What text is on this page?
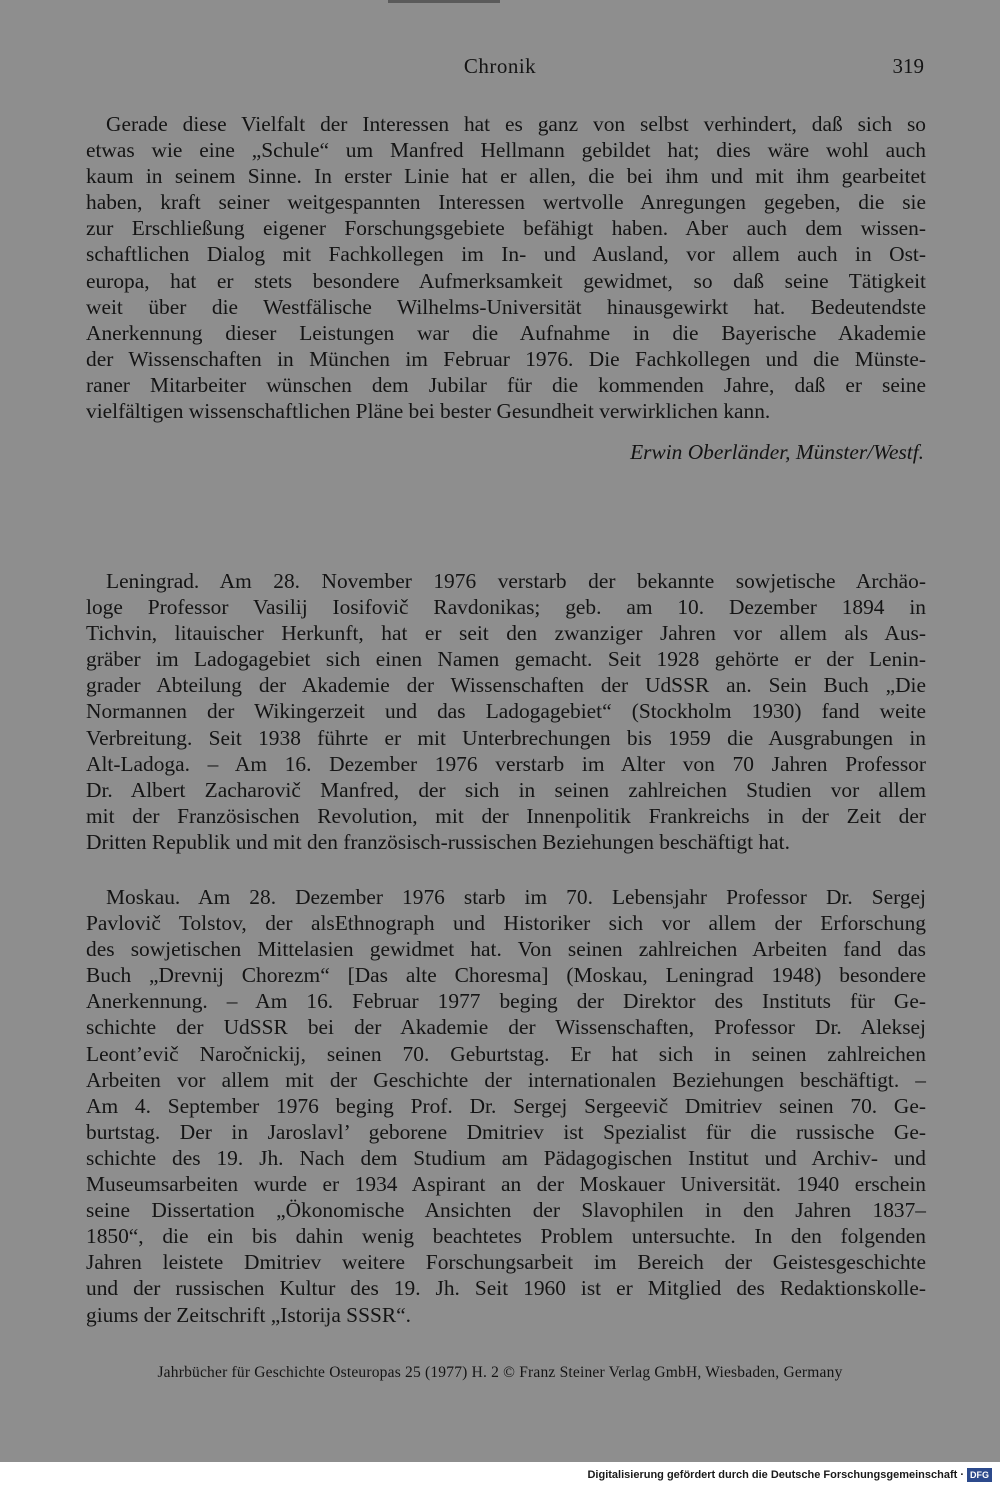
Chronik	319
Gerade diese Vielfalt der Interessen hat es ganz von selbst verhindert, daß sich so
etwas wie eine „Schule“ um Manfred Hellmann gebildet hat; dies wäre wohl auch
kaum in seinem Sinne. In erster Linie hat er allen, die bei ihm und mit ihm gearbeitet
haben, kraft seiner weitgespannten Interessen wertvolle Anregungen gegeben, die sie
zur Erschließung eigener Forschungsgebiete befähigt haben. Aber auch dem wissen-
schaftlichen Dialog mit Fachkollegen im In- und Ausland, vor allem auch in Ost-
europa, hat er stets besondere Aufmerksamkeit gewidmet, so daß seine Tätigkeit
weit über die Westfälische Wilhelms-Universität hinausgewirkt hat. Bedeutendste
Anerkennung dieser Leistungen war die Aufnahme in die Bayerische Akademie
der Wissenschaften in München im Februar 1976. Die Fachkollegen und die Münste-
raner Mitarbeiter wünschen dem Jubilar für die kommenden Jahre, daß er seine
vielfältigen wissenschaftlichen Pläne bei bester Gesundheit verwirklichen kann.
Erwin Oberländer, Münster/Westf.
Leningrad. Am 28. November 1976 verstarb der bekannte sowjetische Archäo-
loge Professor Vasilij Iosifovič Ravdonikas; geb. am 10. Dezember 1894 in
Tichvin, litauischer Herkunft, hat er seit den zwanziger Jahren vor allem als Aus-
gräber im Ladogagebiet sich einen Namen gemacht. Seit 1928 gehörte er der Lenin-
grader Abteilung der Akademie der Wissenschaften der UdSSR an. Sein Buch „Die
Normannen der Wikingerzeit und das Ladogagebiet“ (Stockholm 1930) fand weite
Verbreitung. Seit 1938 führte er mit Unterbrechungen bis 1959 die Ausgrabungen in
Alt-Ladoga. – Am 16. Dezember 1976 verstarb im Alter von 70 Jahren Professor
Dr. Albert Zacharovič Manfred, der sich in seinen zahlreichen Studien vor allem
mit der Französischen Revolution, mit der Innenpolitik Frankreichs in der Zeit der
Dritten Republik und mit den französisch-russischen Beziehungen beschäftigt hat.
Moskau. Am 28. Dezember 1976 starb im 70. Lebensjahr Professor Dr. Sergej
Pavlovič Tolstov, der alsEthnograph und Historiker sich vor allem der Erforschung
des sowjetischen Mittelasien gewidmet hat. Von seinen zahlreichen Arbeiten fand das
Buch „Drevnij Chorezm“ [Das alte Choresma] (Moskau, Leningrad 1948) besondere
Anerkennung. – Am 16. Februar 1977 beging der Direktor des Instituts für Ge-
schichte der UdSSR bei der Akademie der Wissenschaften, Professor Dr. Aleksej
Leont’evič Naročnickij, seinen 70. Geburtstag. Er hat sich in seinen zahlreichen
Arbeiten vor allem mit der Geschichte der internationalen Beziehungen beschäftigt. –
Am 4. September 1976 beging Prof. Dr. Sergej Sergeevič Dmitriev seinen 70. Ge-
burtstag. Der in Jaroslavl’ geborene Dmitriev ist Spezialist für die russische Ge-
schichte des 19. Jh. Nach dem Studium am Pädagogischen Institut und Archiv- und
Museumsarbeiten wurde er 1934 Aspirant an der Moskauer Universität. 1940 erschein
seine Dissertation „Ökonomische Ansichten der Slavophilen in den Jahren 1837–
1850“, die ein bis dahin wenig beachtetes Problem untersuchte. In den folgenden
Jahren leistete Dmitriev weitere Forschungsarbeit im Bereich der Geistesgeschichte
und der russischen Kultur des 19. Jh. Seit 1960 ist er Mitglied des Redaktionskolle-
giums der Zeitschrift „Istorija SSSR“.
Jahrbücher für Geschichte Osteuropas 25 (1977) H. 2 © Franz Steiner Verlag GmbH, Wiesbaden, Germany
Digitalisierung gefördert durch die Deutsche Forschungsgemeinschaft · DFG
